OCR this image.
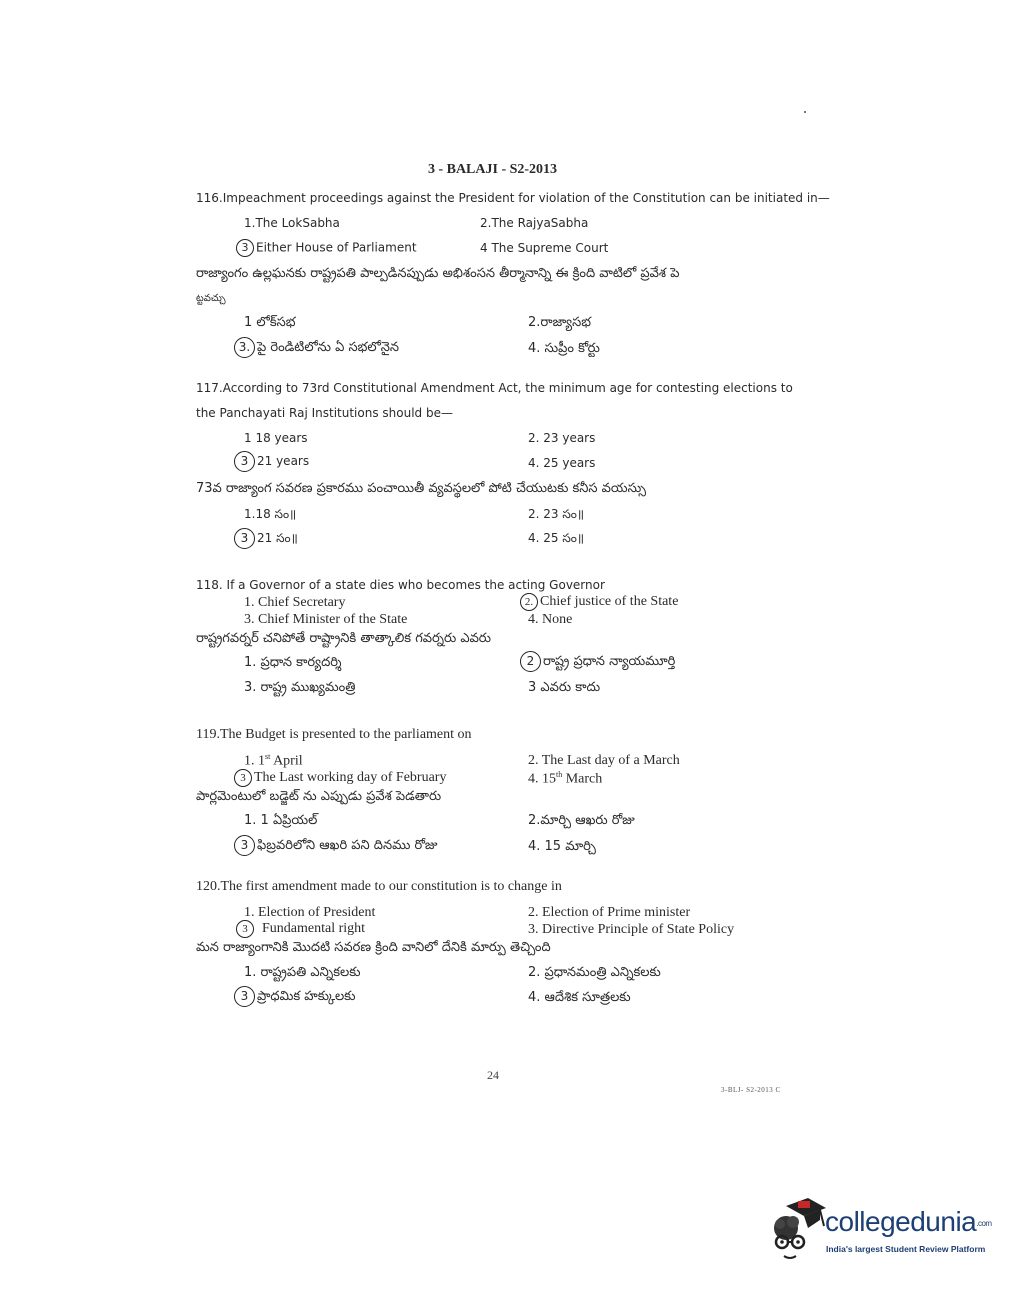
3 - BALAJI - S2-2013
116.Impeachment proceedings against the President for violation of the Constitution can be initiated in—
1.The LokSabha	2.The RajyaSabha
3 Either House of Parliament	4 The Supreme Court
రాజ్యాంగం ఉల్లఘనకు రాష్ట్రపతి పాల్పడినప్పుడు అభిశంసన తీర్మానాన్ని ఈ క్రింది వాటిలో ప్రవేశ పె
ట్టవచ్చు
1 లోక్‌సభ	2.రాజ్యాసభ
3. పై రెండిటిలోను ఏ సభలోనైన	4. సుప్రీం కోర్టు
117.According to 73rd Constitutional Amendment Act, the minimum age for contesting elections to
the Panchayati Raj Institutions should be—
1 18 years	2. 23 years
3 21 years	4. 25 years
73వ రాజ్యాంగ సవరణ ప్రకారము పంచాయితీ వ్యవస్థలలో పోటి చేయుటకు కనీస వయస్సు
1.18 సం॥	2. 23 సం॥
3 21 సం॥	4. 25 సం॥
118. If a Governor of a state dies who becomes the acting Governor
1. Chief Secretary	2. Chief justice of the State
3. Chief Minister of the State	4. None
రాష్ట్రగవర్నర్ చనిపోతే రాష్ట్రానికి తాత్కాలిక గవర్నరు ఎవరు
1. ప్రధాన కార్యదర్శి	2 రాష్ట్ర ప్రధాన న్యాయమూర్తి
3. రాష్ట్ర ముఖ్యమంత్రి	3 ఎవరు కాదు
119.The Budget is presented to the parliament on
1. 1st April	2. The Last day of a March
3 The Last working day of February	4. 15th March
పార్లమెంటులో బడ్జెట్ ను ఎప్పుడు ప్రవేశ పెడతారు
1. 1 ఏప్రియల్	2.మార్చి ఆఖరు రోజు
3 ఫిబ్రవరిలోని ఆఖరి పని దినము రోజు	4. 15 మార్చి
120.The first amendment made to our constitution is to change in
1. Election of President	2. Election of Prime minister
3 Fundamental right	3. Directive Principle of State Policy
మన రాజ్యాంగానికి మొదటి సవరణ క్రింది వానిలో దేనికి మార్పు తెచ్చింది
1. రాష్ట్రపతి ఎన్నికలకు	2. ప్రధానమంత్రి ఎన్నికలకు
3 ప్రాధమిక హక్కులకు	4. ఆదేశిక సూత్రలకు
24
3-BLJ- S2-2013 C
collegedunia.com
India's largest Student Review Platform
